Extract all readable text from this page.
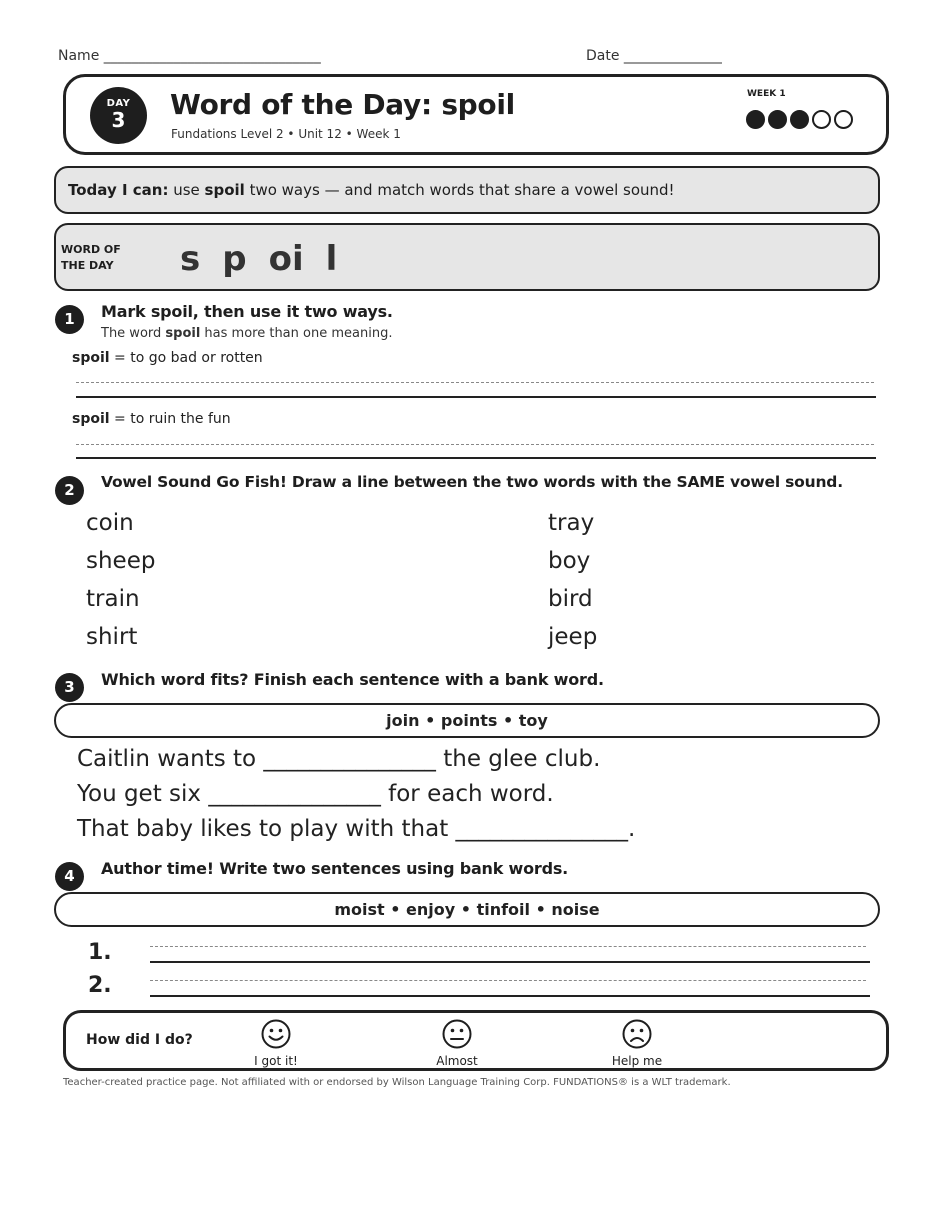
Name _______________________________	Date ______________
DAY
3	Word of the Day: spoil
Fundations Level 2 • Unit 12 • Week 1
WEEK 1
Today I can: use spoil two ways — and match words that share a vowel sound!
WORD OF
THE DAY s p oi l
1	Mark spoil, then use it two ways.
The word spoil has more than one meaning.
spoil = to go bad or rotten
spoil = to ruin the fun
2	Vowel Sound Go Fish! Draw a line between the two words with the SAME vowel sound.
coin
sheep
train
shirt
tray
boy
bird
jeep
3	Which word fits? Finish each sentence with a bank word.
join • points • toy
Caitlin wants to _______________ the glee club.
You get six _______________ for each word.
That baby likes to play with that _______________.
4	Author time! Write two sentences using bank words.
moist • enjoy • tinfoil • noise
1.
2.
How did I do?
I got it!	Almost	Help me
Teacher-created practice page. Not affiliated with or endorsed by Wilson Language Training Corp. FUNDATIONS® is a WLT trademark.
